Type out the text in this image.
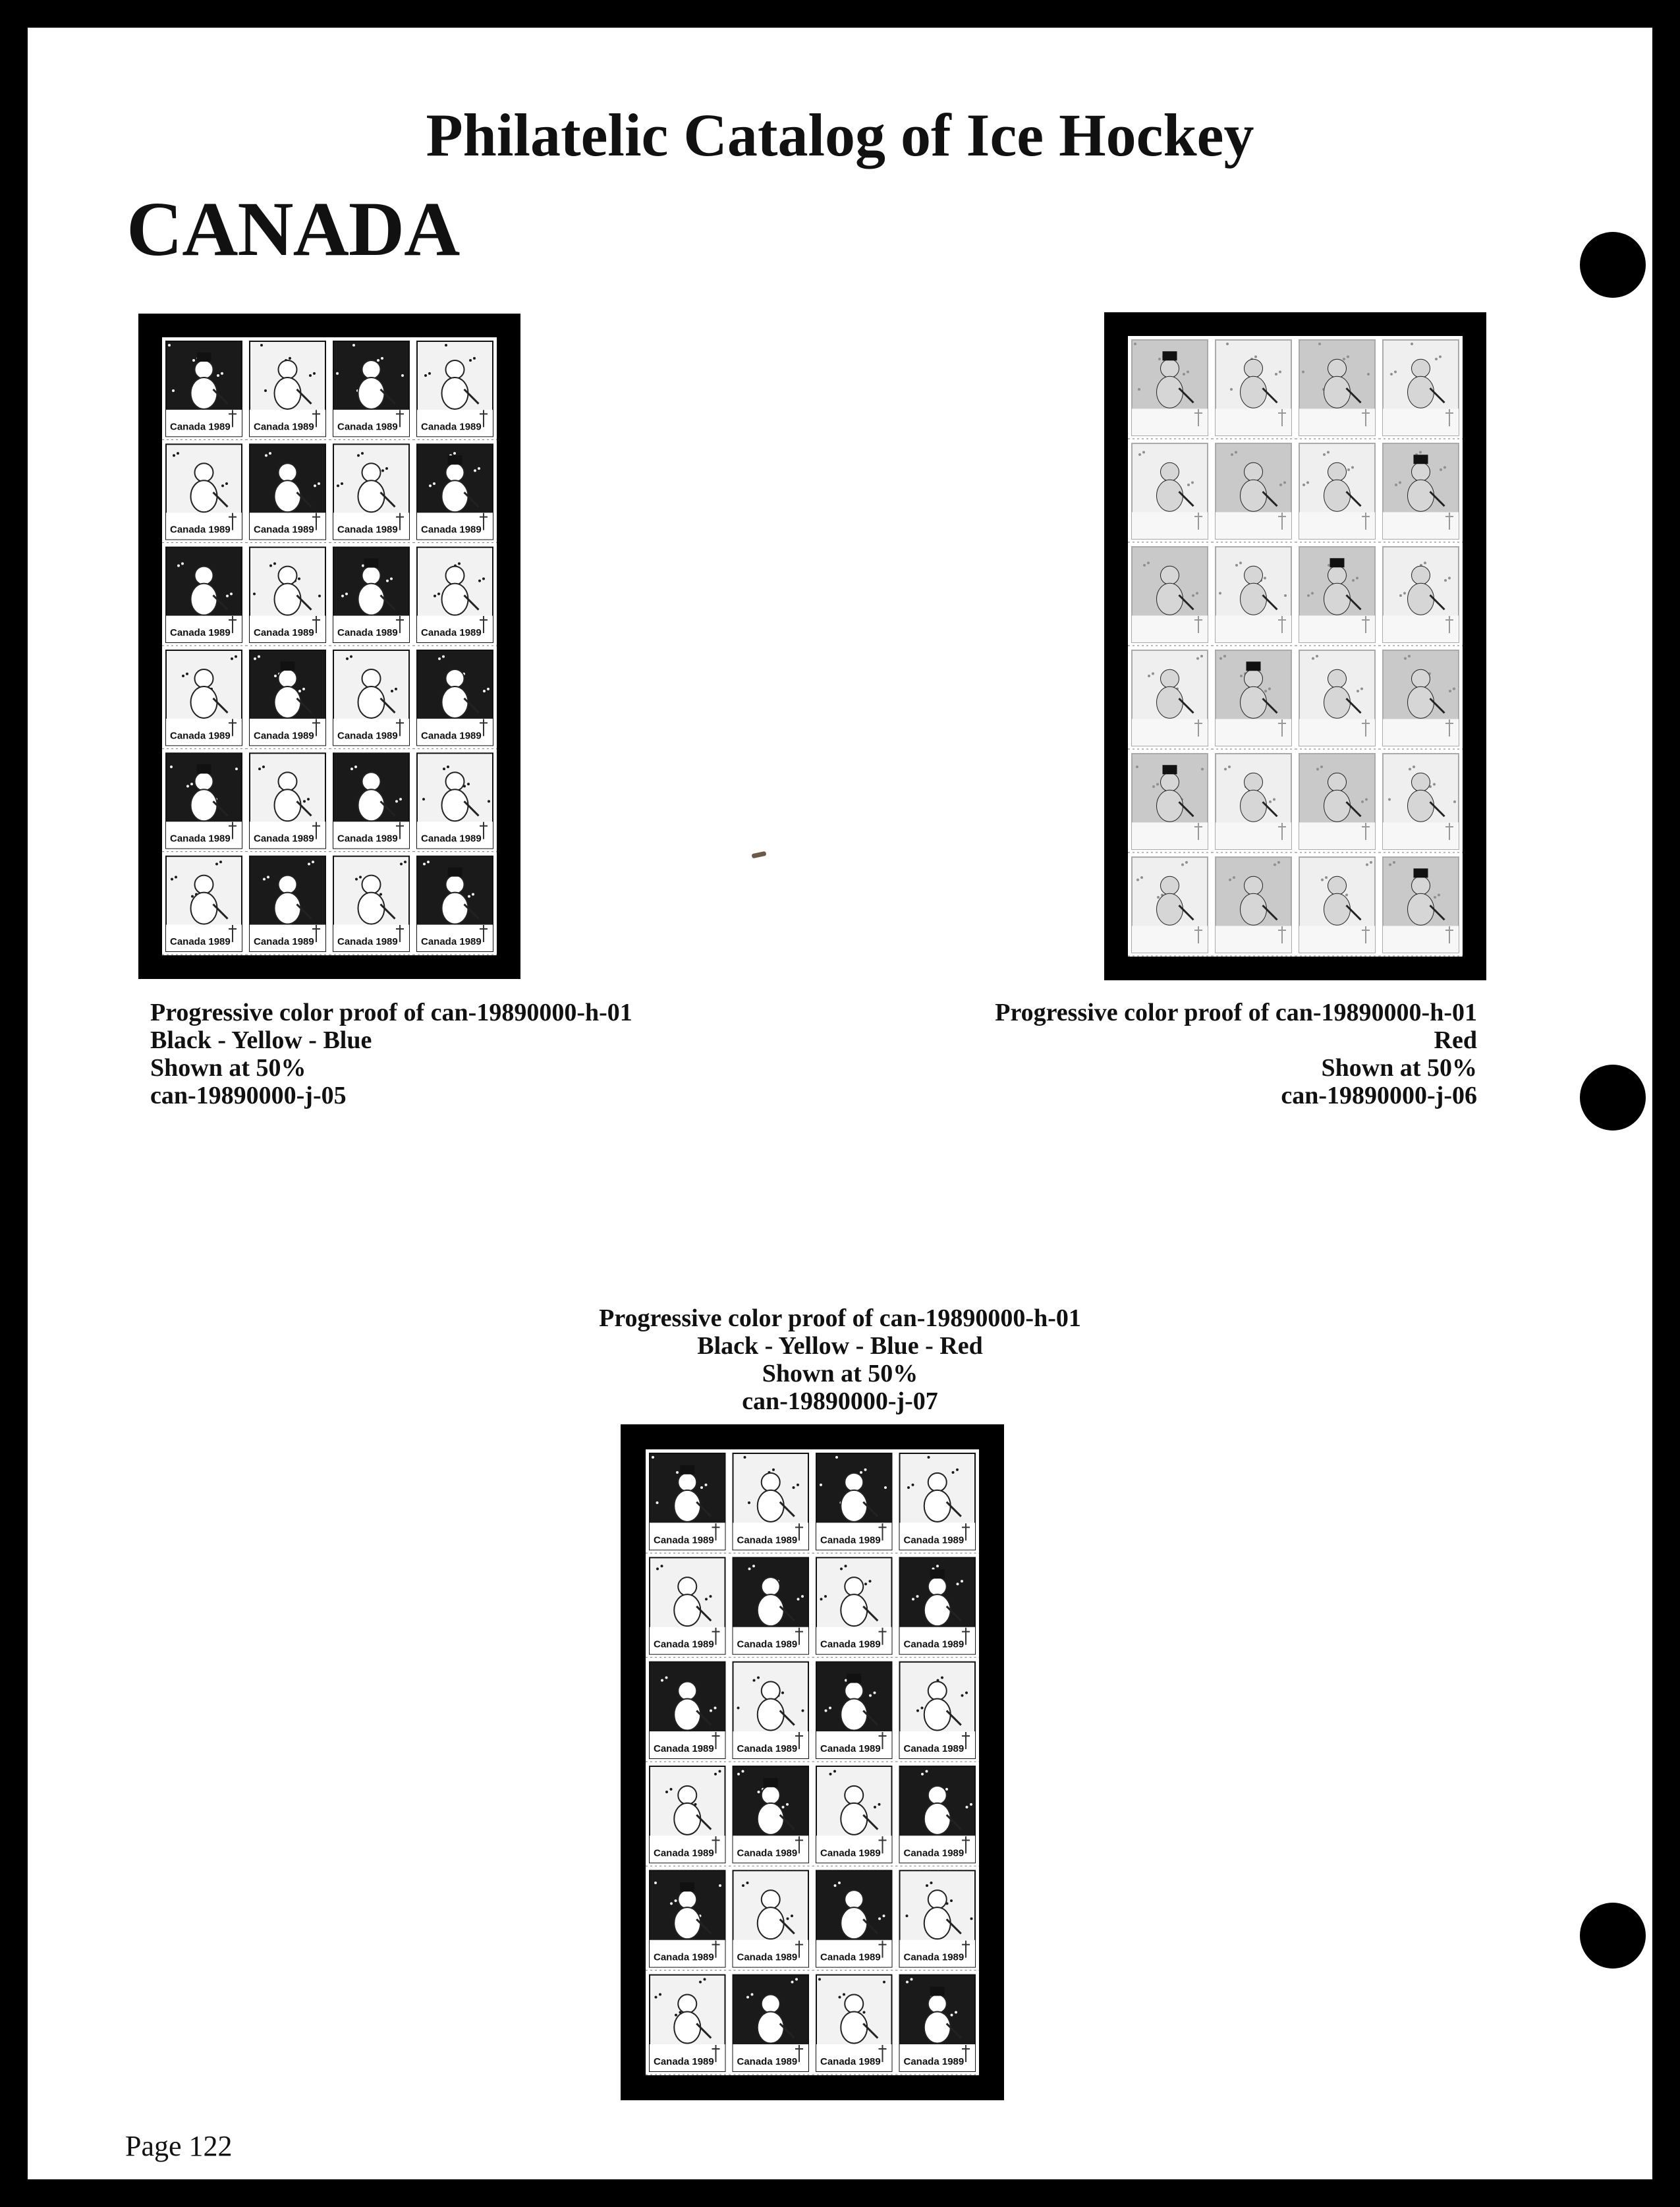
Philatelic Catalog of Ice Hockey
CANADA
Canada 1989 Canada 1989 Canada 1989 Canada 1989
Canada 1989 Canada 1989 Canada 1989 Canada 1989
Canada 1989 Canada 1989 Canada 1989 Canada 1989
Canada 1989 Canada 1989 Canada 1989 Canada 1989
Canada 1989 Canada 1989 Canada 1989 Canada 1989
Canada 1989 Canada 1989 Canada 1989 Canada 1989
Progressive color proof of can-19890000-h-01
Black - Yellow - Blue
Shown at 50%
can-19890000-j-05
Progressive color proof of can-19890000-h-01
Red
Shown at 50%
can-19890000-j-06
Progressive color proof of can-19890000-h-01
Black - Yellow - Blue - Red
Shown at 50%
can-19890000-j-07
Canada 1989 Canada 1989 Canada 1989 Canada 1989
Canada 1989 Canada 1989 Canada 1989 Canada 1989
Canada 1989 Canada 1989 Canada 1989 Canada 1989
Canada 1989 Canada 1989 Canada 1989 Canada 1989
Canada 1989 Canada 1989 Canada 1989 Canada 1989
Canada 1989 Canada 1989 Canada 1989 Canada 1989
Page 122
